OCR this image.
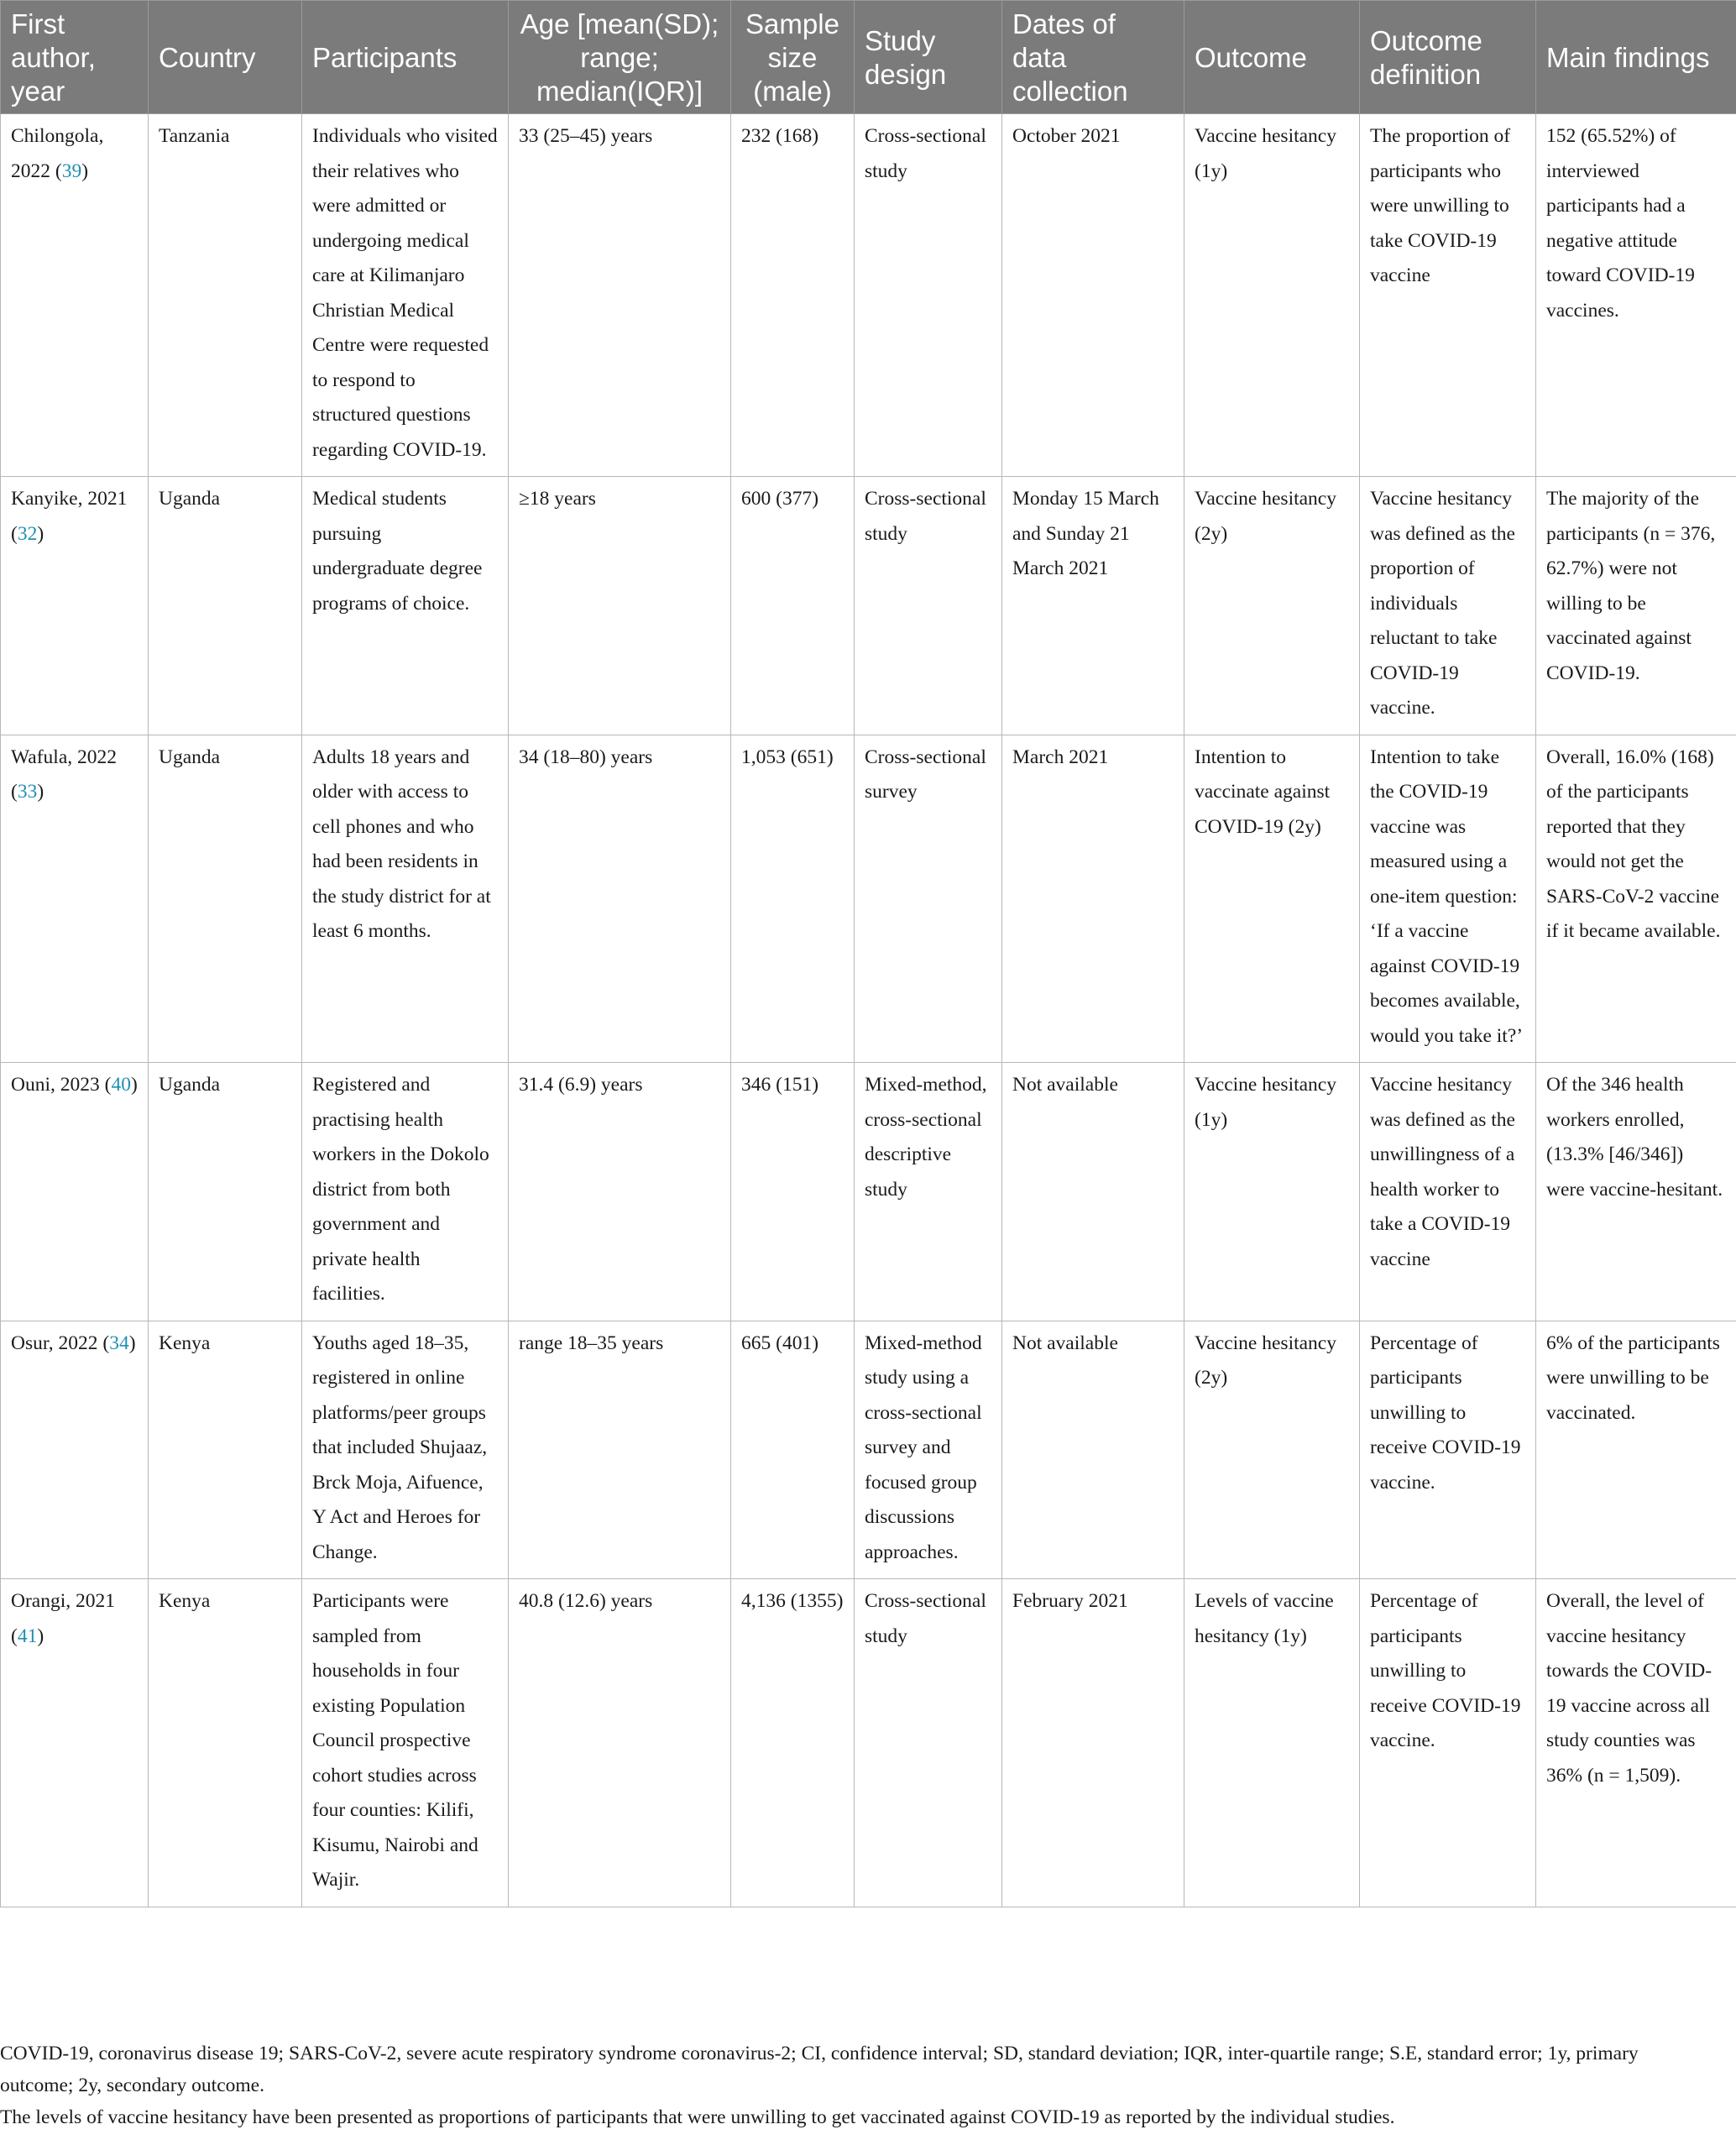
First author, year	Country	Participants	Age [mean(SD); range; median(IQR)]	Sample size (male)	Study design	Dates of data collection	Outcome	Outcome definition	Main findings
Chilongola, 2022 (39)	Tanzania	Individuals who visited their relatives who were admitted or undergoing medical care at Kilimanjaro Christian Medical Centre were requested to respond to structured questions regarding COVID-19.	33 (25–45) years	232 (168)	Cross-sectional study	October 2021	Vaccine hesitancy (1y)	The proportion of participants who were unwilling to take COVID-19 vaccine	152 (65.52%) of interviewed participants had a negative attitude toward COVID-19 vaccines.
Kanyike, 2021 (32)	Uganda	Medical students pursuing undergraduate degree programs of choice.	≥18 years	600 (377)	Cross-sectional study	Monday 15 March and Sunday 21 March 2021	Vaccine hesitancy (2y)	Vaccine hesitancy was defined as the proportion of individuals reluctant to take COVID-19 vaccine.	The majority of the participants (n = 376, 62.7%) were not willing to be vaccinated against COVID-19.
Wafula, 2022 (33)	Uganda	Adults 18 years and older with access to cell phones and who had been residents in the study district for at least 6 months.	34 (18–80) years	1,053 (651)	Cross-sectional survey	March 2021	Intention to vaccinate against COVID-19 (2y)	Intention to take the COVID-19 vaccine was measured using a one-item question: ‘If a vaccine against COVID-19 becomes available, would you take it?’	Overall, 16.0% (168) of the participants reported that they would not get the SARS-CoV-2 vaccine if it became available.
Ouni, 2023 (40)	Uganda	Registered and practising health workers in the Dokolo district from both government and private health facilities.	31.4 (6.9) years	346 (151)	Mixed-method, cross-sectional descriptive study	Not available	Vaccine hesitancy (1y)	Vaccine hesitancy was defined as the unwillingness of a health worker to take a COVID-19 vaccine	Of the 346 health workers enrolled, (13.3% [46/346]) were vaccine-hesitant.
Osur, 2022 (34)	Kenya	Youths aged 18–35, registered in online platforms/peer groups that included Shujaaz, Brck Moja, Aifuence, Y Act and Heroes for Change.	range 18–35 years	665 (401)	Mixed-method study using a cross-sectional survey and focused group discussions approaches.	Not available	Vaccine hesitancy (2y)	Percentage of participants unwilling to receive COVID-19 vaccine.	6% of the participants were unwilling to be vaccinated.
Orangi, 2021 (41)	Kenya	Participants were sampled from households in four existing Population Council prospective cohort studies across four counties: Kilifi, Kisumu, Nairobi and Wajir.	40.8 (12.6) years	4,136 (1355)	Cross-sectional study	February 2021	Levels of vaccine hesitancy (1y)	Percentage of participants unwilling to receive COVID-19 vaccine.	Overall, the level of vaccine hesitancy towards the COVID-19 vaccine across all study counties was 36% (n = 1,509).

COVID-19, coronavirus disease 19; SARS-CoV-2, severe acute respiratory syndrome coronavirus-2; CI, confidence interval; SD, standard deviation; IQR, inter-quartile range; S.E, standard error; 1y, primary outcome; 2y, secondary outcome.

The levels of vaccine hesitancy have been presented as proportions of participants that were unwilling to get vaccinated against COVID-19 as reported by the individual studies.
